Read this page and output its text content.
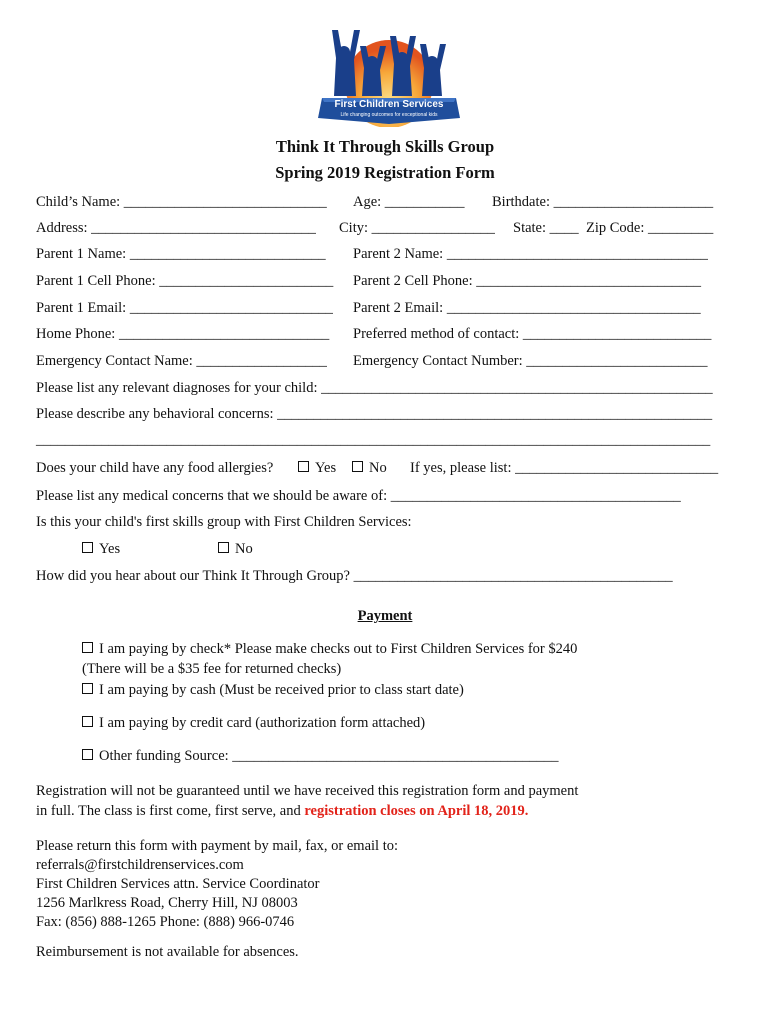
First Children Services
Life changing outcomes for exceptional kids
Think It Through Skills Group
Spring 2019 Registration Form
Child’s Name: ____________________________ Age: ___________ Birthdate: ______________________
Address: _______________________________ City: _________________ State: ____ Zip Code: _________
Parent 1 Name: ___________________________ Parent 2 Name: ____________________________________
Parent 1 Cell Phone: ________________________ Parent 2 Cell Phone: _______________________________
Parent 1 Email: ____________________________ Parent 2 Email: ___________________________________
Home Phone: _____________________________ Preferred method of contact: __________________________
Emergency Contact Name: __________________ Emergency Contact Number: _________________________
Please list any relevant diagnoses for your child: ______________________________________________________
Please describe any behavioral concerns: ____________________________________________________________
_____________________________________________________________________________________________
Does your child have any food allergies?	Yes	No If yes, please list: ____________________________
Please list any medical concerns that we should be aware of: ________________________________________
Is this your child's first skills group with First Children Services:
Yes	No
How did you hear about our Think It Through Group? ____________________________________________
Payment
I am paying by check* Please make checks out to First Children Services for $240
(There will be a $35 fee for returned checks)
I am paying by cash (Must be received prior to class start date)
I am paying by credit card (authorization form attached)
Other funding Source: _____________________________________________
Registration will not be guaranteed until we have received this registration form and payment
in full. The class is first come, first serve, and registration closes on April 18, 2019.
Please return this form with payment by mail, fax, or email to:
referrals@firstchildrenservices.com
First Children Services attn. Service Coordinator
1256 Marlkress Road, Cherry Hill, NJ 08003
Fax: (856) 888-1265 Phone: (888) 966-0746
Reimbursement is not available for absences.
